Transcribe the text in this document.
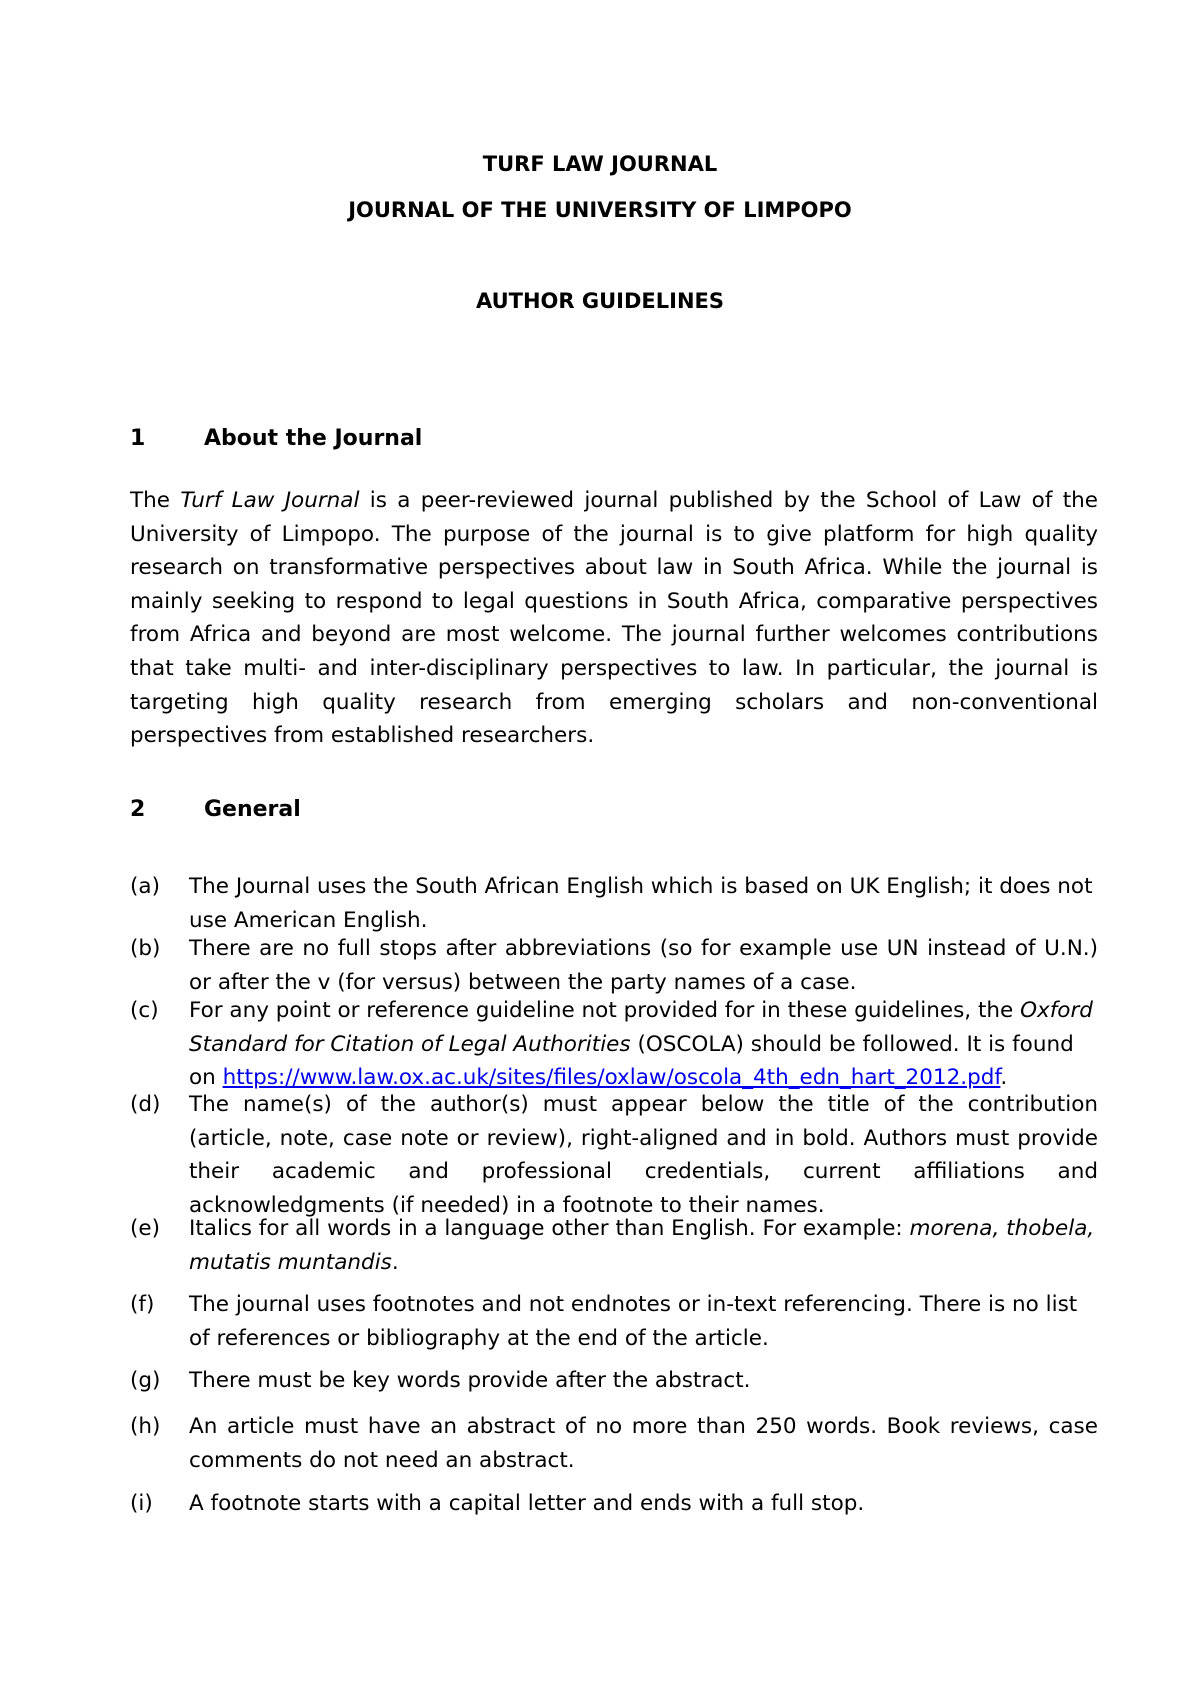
TURF LAW JOURNAL
JOURNAL OF THE UNIVERSITY OF LIMPOPO
AUTHOR GUIDELINES
1	About the Journal
The Turf Law Journal is a peer-reviewed journal published by the School of Law of the University of Limpopo. The purpose of the journal is to give platform for high quality research on transformative perspectives about law in South Africa. While the journal is mainly seeking to respond to legal questions in South Africa, comparative perspectives from Africa and beyond are most welcome. The journal further welcomes contributions that take multi- and inter-disciplinary perspectives to law. In particular, the journal is targeting high quality research from emerging scholars and non-conventional perspectives from established researchers.
2	General
(a)	The Journal uses the South African English which is based on UK English; it does not use American English.
(b)	There are no full stops after abbreviations (so for example use UN instead of U.N.) or after the v (for versus) between the party names of a case.
(c)	For any point or reference guideline not provided for in these guidelines, the Oxford Standard for Citation of Legal Authorities (OSCOLA) should be followed. It is found on https://www.law.ox.ac.uk/sites/files/oxlaw/oscola_4th_edn_hart_2012.pdf.
(d)	The name(s) of the author(s) must appear below the title of the contribution (article, note, case note or review), right-aligned and in bold. Authors must provide their academic and professional credentials, current affiliations and acknowledgments (if needed) in a footnote to their names.
(e)	Italics for all words in a language other than English. For example: morena, thobela, mutatis muntandis.
(f)	The journal uses footnotes and not endnotes or in-text referencing. There is no list of references or bibliography at the end of the article.
(g)	There must be key words provide after the abstract.
(h)	An article must have an abstract of no more than 250 words. Book reviews, case comments do not need an abstract.
(i)	A footnote starts with a capital letter and ends with a full stop.
